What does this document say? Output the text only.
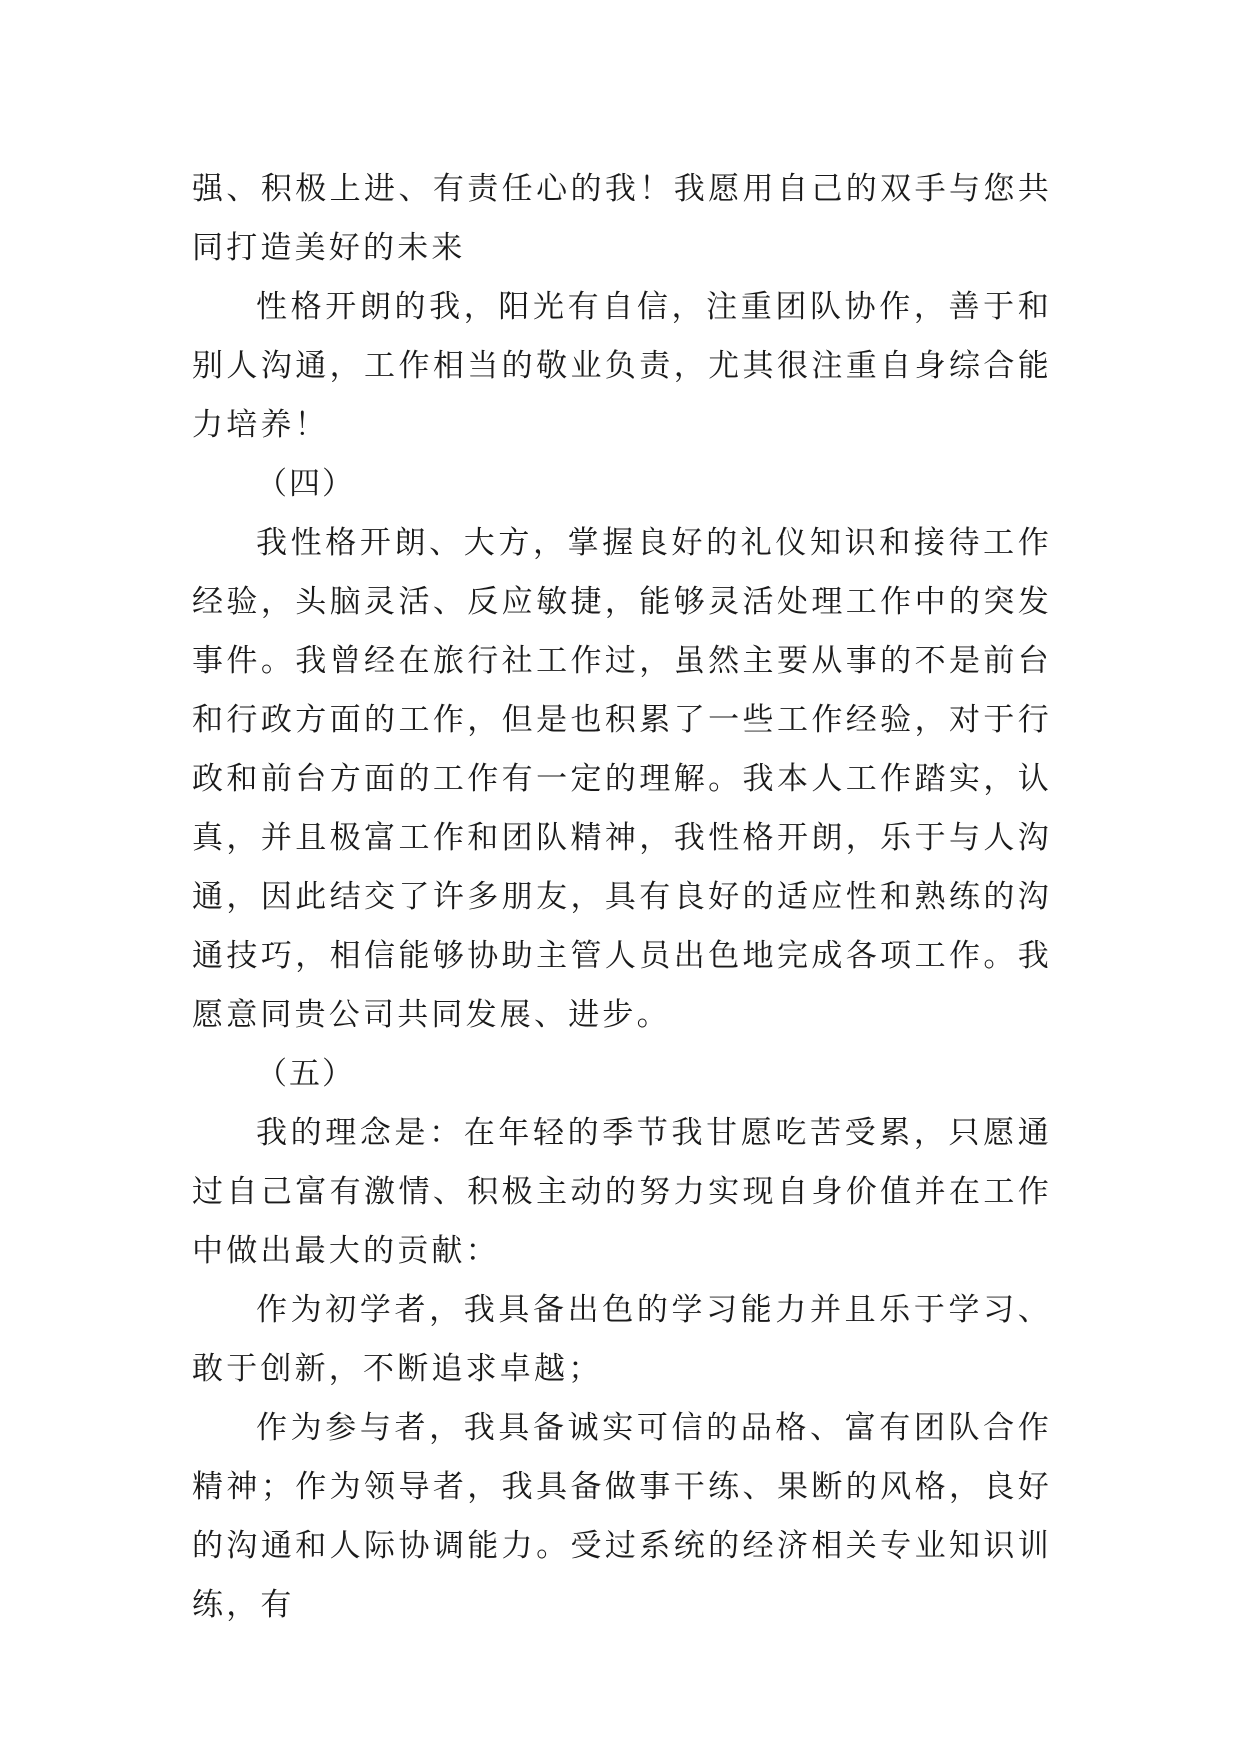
强、积极上进、有责任心的我！我愿用自己的双手与您共同打造美好的未来

性格开朗的我，阳光有自信，注重团队协作，善于和别人沟通，工作相当的敬业负责，尤其很注重自身综合能力培养！

（四）

我性格开朗、大方，掌握良好的礼仪知识和接待工作经验，头脑灵活、反应敏捷，能够灵活处理工作中的突发事件。我曾经在旅行社工作过，虽然主要从事的不是前台和行政方面的工作，但是也积累了一些工作经验，对于行政和前台方面的工作有一定的理解。我本人工作踏实，认真，并且极富工作和团队精神，我性格开朗，乐于与人沟通，因此结交了许多朋友，具有良好的适应性和熟练的沟通技巧，相信能够协助主管人员出色地完成各项工作。我愿意同贵公司共同发展、进步。

（五）

我的理念是：在年轻的季节我甘愿吃苦受累，只愿通过自己富有激情、积极主动的努力实现自身价值并在工作中做出最大的贡献：

作为初学者，我具备出色的学习能力并且乐于学习、敢于创新，不断追求卓越；

作为参与者，我具备诚实可信的品格、富有团队合作精神；作为领导者，我具备做事干练、果断的风格，良好的沟通和人际协调能力。受过系统的经济相关专业知识训练，有
